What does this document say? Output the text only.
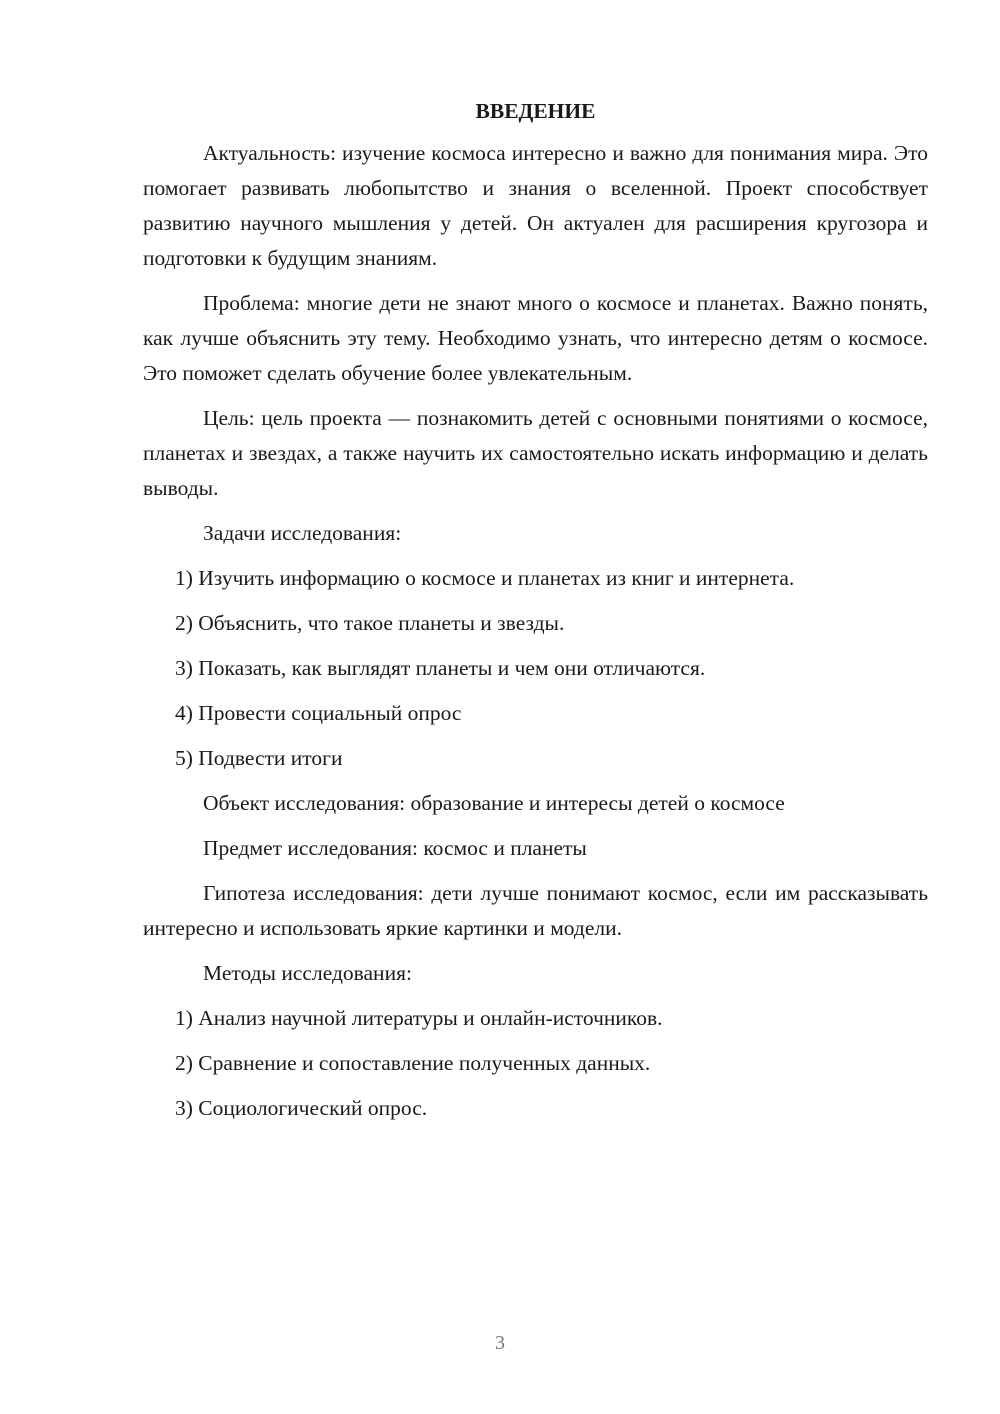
ВВЕДЕНИЕ

Актуальность: изучение космоса интересно и важно для понимания мира. Это помогает развивать любопытство и знания о вселенной. Проект способствует развитию научного мышления у детей. Он актуален для расширения кругозора и подготовки к будущим знаниям.

Проблема: многие дети не знают много о космосе и планетах. Важно понять, как лучше объяснить эту тему. Необходимо узнать, что интересно детям о космосе. Это поможет сделать обучение более увлекательным.

Цель: цель проекта — познакомить детей с основными понятиями о космосе, планетах и звездах, а также научить их самостоятельно искать информацию и делать выводы.

Задачи исследования:

1) Изучить информацию о космосе и планетах из книг и интернета.

2) Объяснить, что такое планеты и звезды.

3) Показать, как выглядят планеты и чем они отличаются.

4) Провести социальный опрос

5) Подвести итоги

Объект исследования: образование и интересы детей о космосе

Предмет исследования: космос и планеты

Гипотеза исследования: дети лучше понимают космос, если им рассказывать интересно и использовать яркие картинки и модели.

Методы исследования:

1) Анализ научной литературы и онлайн-источников.

2) Сравнение и сопоставление полученных данных.

3) Социологический опрос.

3
